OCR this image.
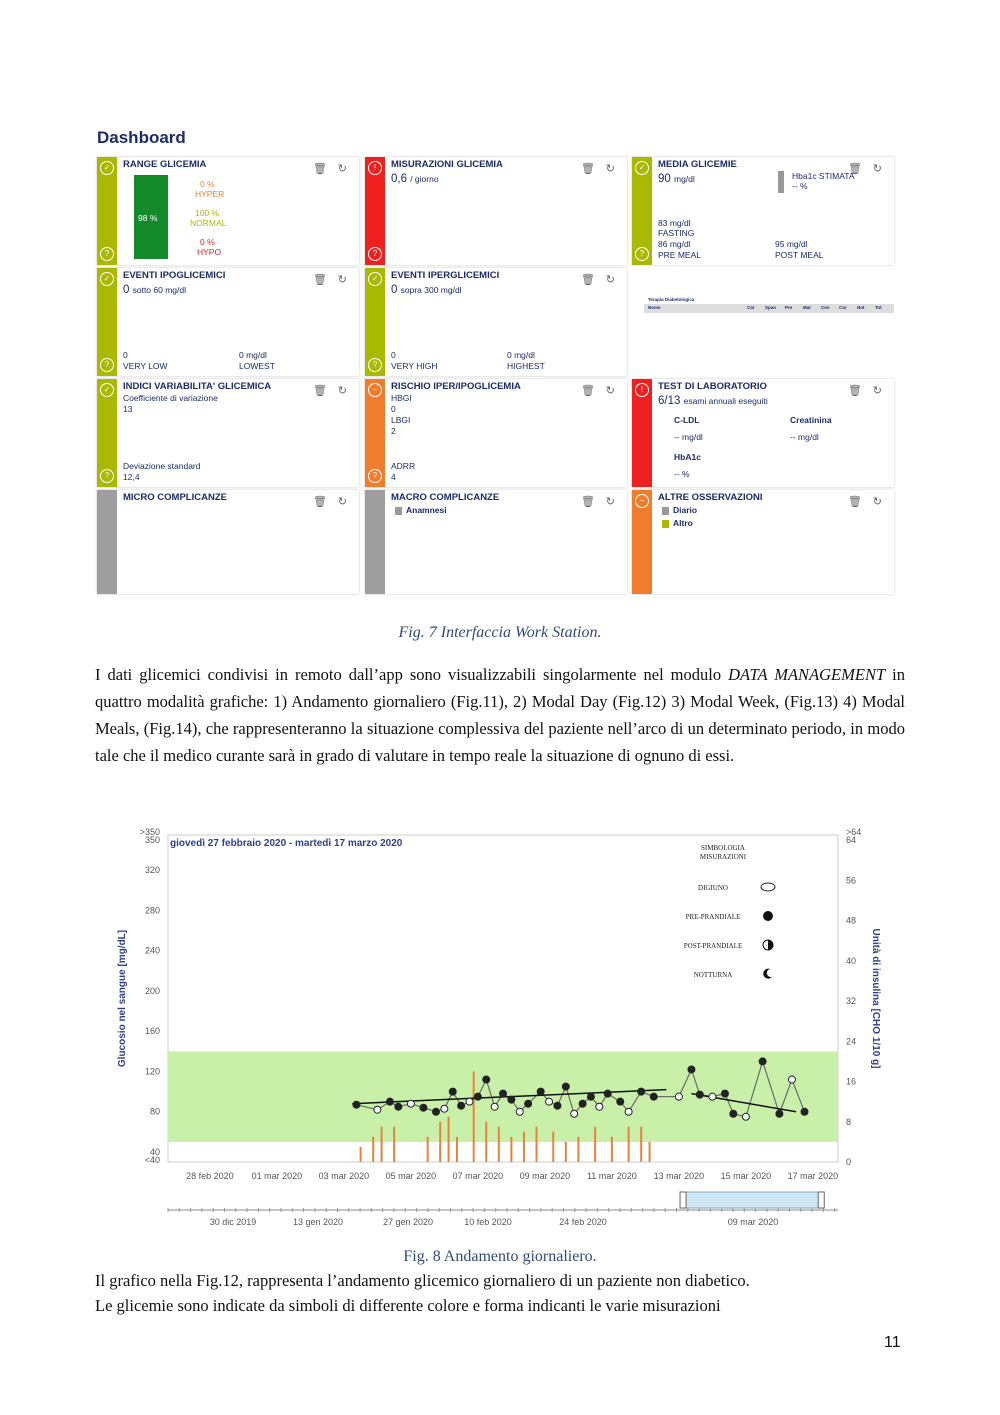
Dashboard
✓
?
RANGE GLICEMIA	🗑 ↻
98 %
0 %
HYPER
100 %
NORMAL
0 %
HYPO
!
?
MISURAZIONI GLICEMIA	🗑 ↻
0,6 / giorno
✓
?
MEDIA GLICEMIE	🗑 ↻
90 mg/dl	Hba1c STIMATA
-- %
83 mg/dl
FASTING
86 mg/dl
PRE MEAL
95 mg/dl
POST MEAL
✓
?
EVENTI IPOGLICEMICI	🗑 ↻
0 sotto 60 mg/dl
0
VERY LOW
0 mg/dl
LOWEST
✓
?
EVENTI IPERGLICEMICI	🗑 ↻
0 sopra 300 mg/dl
0
VERY HIGH
0 mg/dl
HIGHEST
Terapia Diabetologica
Nome	Cat Span Pre Mat Cen Cor Not Tot
✓
?
INDICI VARIABILITA' GLICEMICA	🗑 ↻
Coefficiente di variazione
13
Deviazione standard
12,4
−
?
RISCHIO IPER/IPOGLICEMIA	🗑 ↻
HBGI
0
LBGI
2
ADRR
4
!	TEST DI LABORATORIO	🗑 ↻
6/13 esami annuali eseguiti
C-LDL
-- mg/dl
Creatinina
-- mg/dl
HbA1c
-- %
MICRO COMPLICANZE	🗑 ↻	MACRO COMPLICANZE	🗑 ↻
Anamnesi
−	ALTRE OSSERVAZIONI	🗑 ↻
Diario
Altro
Fig. 7 Interfaccia Work Station.
I dati glicemici condivisi in remoto dall’app sono visualizzabili singolarmente nel modulo DATA MANAGEMENT in quattro modalità grafiche: 1) Andamento giornaliero (Fig.11), 2) Modal Day (Fig.12) 3) Modal Week, (Fig.13) 4) Modal Meals, (Fig.14), che rappresenteranno la situazione complessiva del paziente nell’arco di un determinato periodo, in modo tale che il medico curante sarà in grado di valutare in tempo reale la situazione di ognuno di essi.
giovedì 27 febbraio 2020 - martedì 17 marzo 2020
>350
350
320
280
240
200
160
120
80
40
<40
>64
64
56
48
40
32
24
16
8
0
Glucosio nel sangue [mg/dL]	Unità di insulina [CHO 1/10 g]
28 feb 2020 01 mar 2020 03 mar 2020 05 mar 2020 07 mar 2020 09 mar 2020 11 mar 2020 13 mar 2020 15 mar 2020 17 mar 2020
SIMBOLOGIA
MISURAZIONI
DIGIUNO
PRE-PRANDIALE
POST-PRANDIALE
NOTTURNA
30 dic 2019	13 gen 2020	27 gen 2020	10 feb 2020	24 feb 2020	09 mar 2020
Fig. 8 Andamento giornaliero.
Il grafico nella Fig.12, rappresenta l’andamento glicemico giornaliero di un paziente non diabetico.
Le glicemie sono indicate da simboli di differente colore e forma indicanti le varie misurazioni
11
